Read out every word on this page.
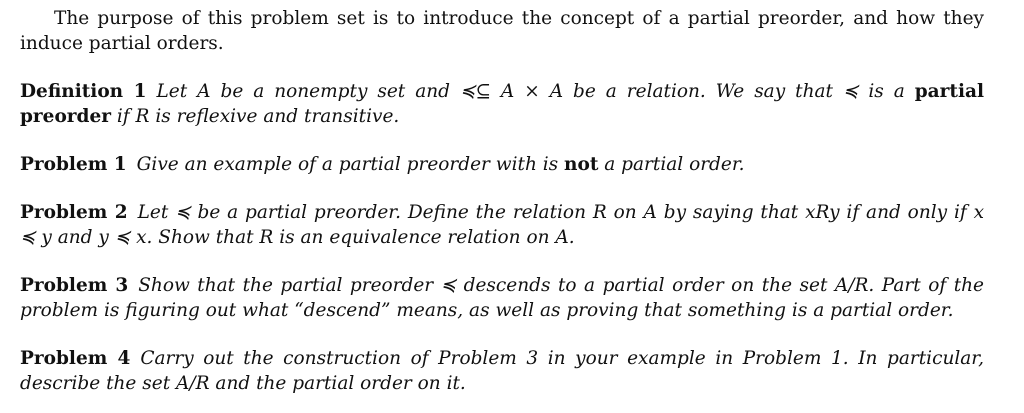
The purpose of this problem set is to introduce the concept of a partial preorder, and how they induce partial orders.
Definition 1 Let A be a nonempty set and ≼⊆ A × A be a relation. We say that ≼ is a partial preorder if R is reflexive and transitive.
Problem 1 Give an example of a partial preorder with is not a partial order.
Problem 2 Let ≼ be a partial preorder. Define the relation R on A by saying that xRy if and only if x ≼ y and y ≼ x. Show that R is an equivalence relation on A.
Problem 3 Show that the partial preorder ≼ descends to a partial order on the set A/R. Part of the problem is figuring out what “descend” means, as well as proving that something is a partial order.
Problem 4 Carry out the construction of Problem 3 in your example in Problem 1. In particular, describe the set A/R and the partial order on it.
